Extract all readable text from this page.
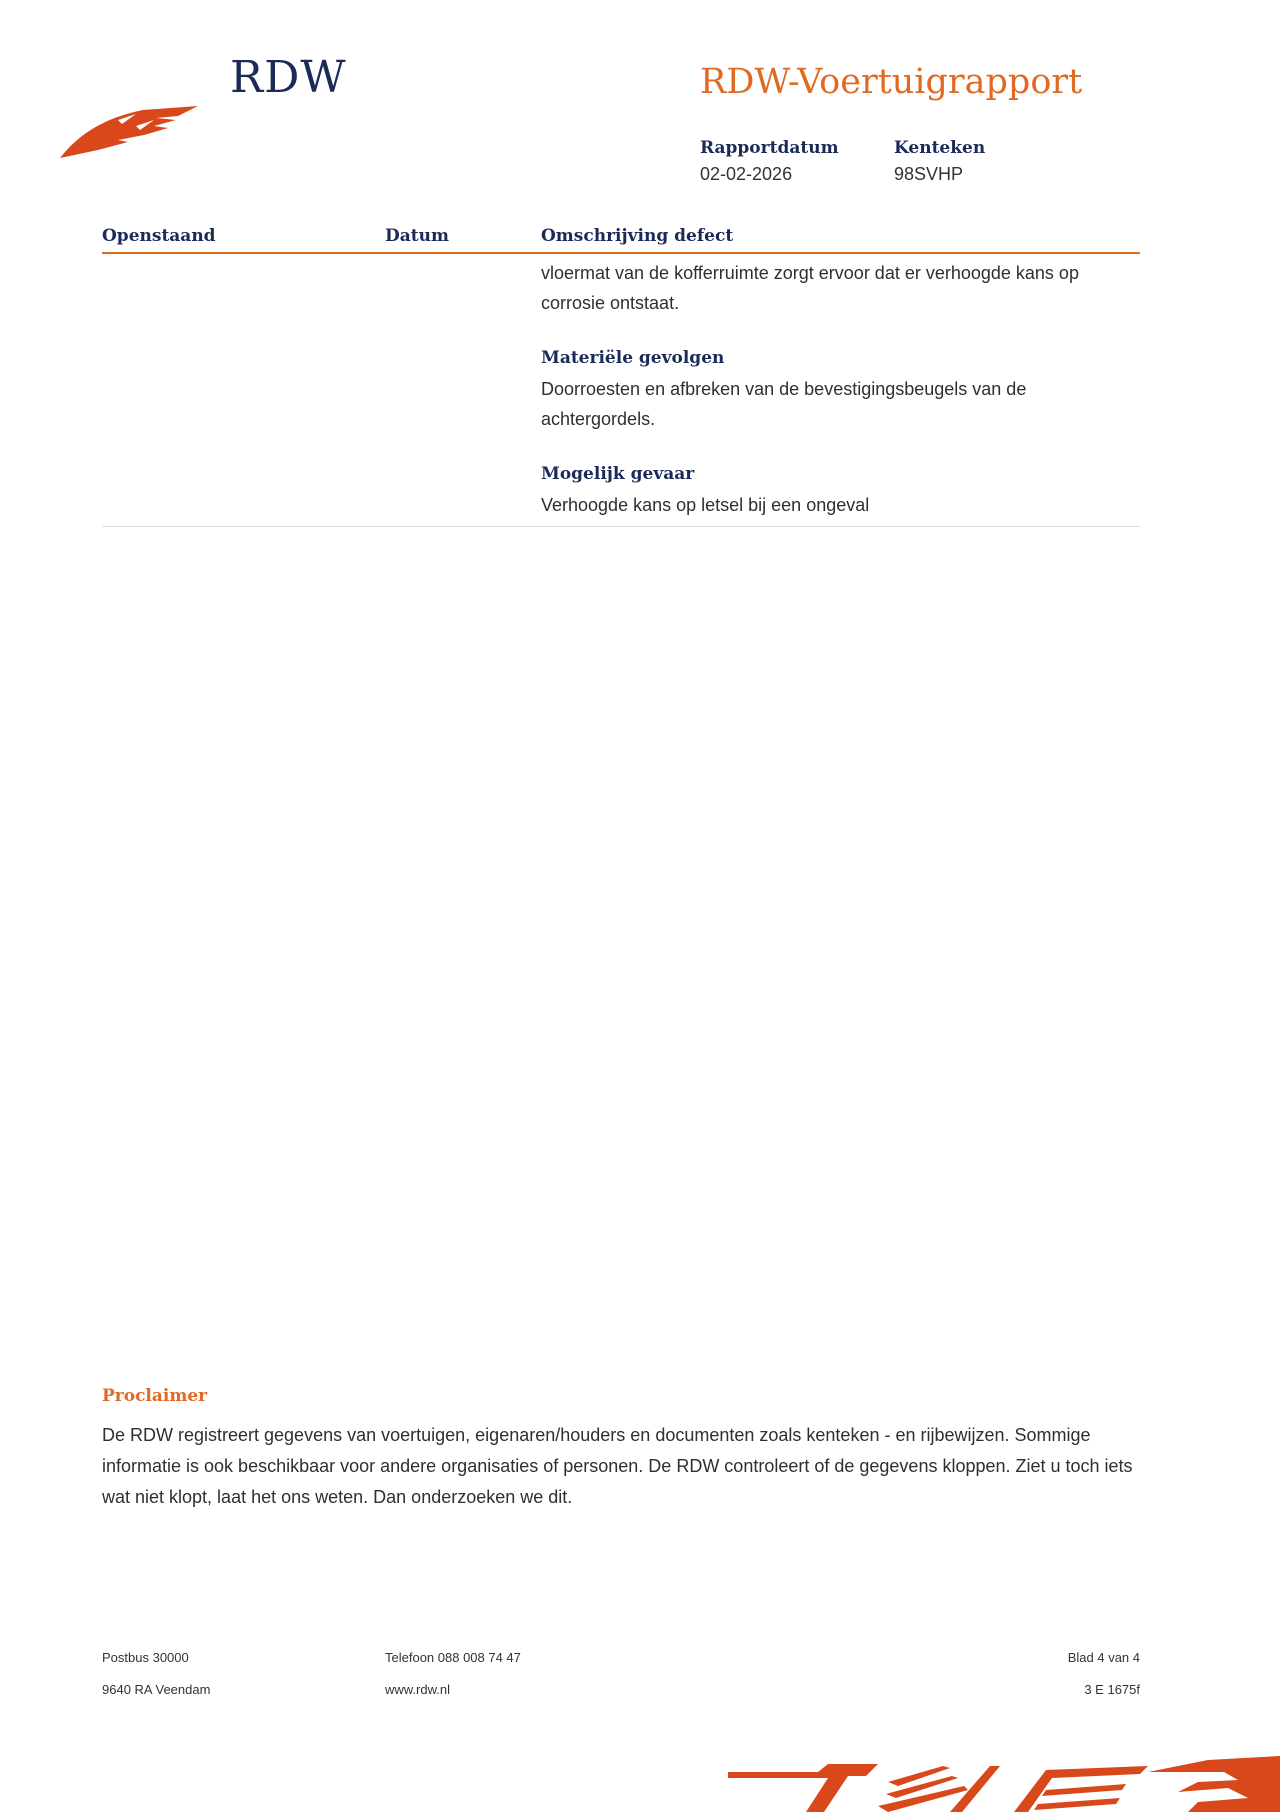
RDW	RDW-Voertuigrapport
Rapportdatum
02-02-2026
Kenteken
98SVHP
Openstaand	Datum	Omschrijving defect

vloermat van de kofferruimte zorgt ervoor dat er verhoogde kans op corrosie ontstaat.

Materiële gevolgen

Doorroesten en afbreken van de bevestigingsbeugels van de achtergordels.

Mogelijk gevaar

Verhoogde kans op letsel bij een ongeval

Proclaimer

De RDW registreert gegevens van voertuigen, eigenaren/houders en documenten zoals kenteken - en rijbewijzen. Sommige informatie is ook beschikbaar voor andere organisaties of personen. De RDW controleert of de gegevens kloppen. Ziet u toch iets wat niet klopt, laat het ons weten. Dan onderzoeken we dit.

Postbus 30000
9640 RA Veendam
Telefoon 088 008 74 47
www.rdw.nl
Blad 4 van 4
3 E 1675f
